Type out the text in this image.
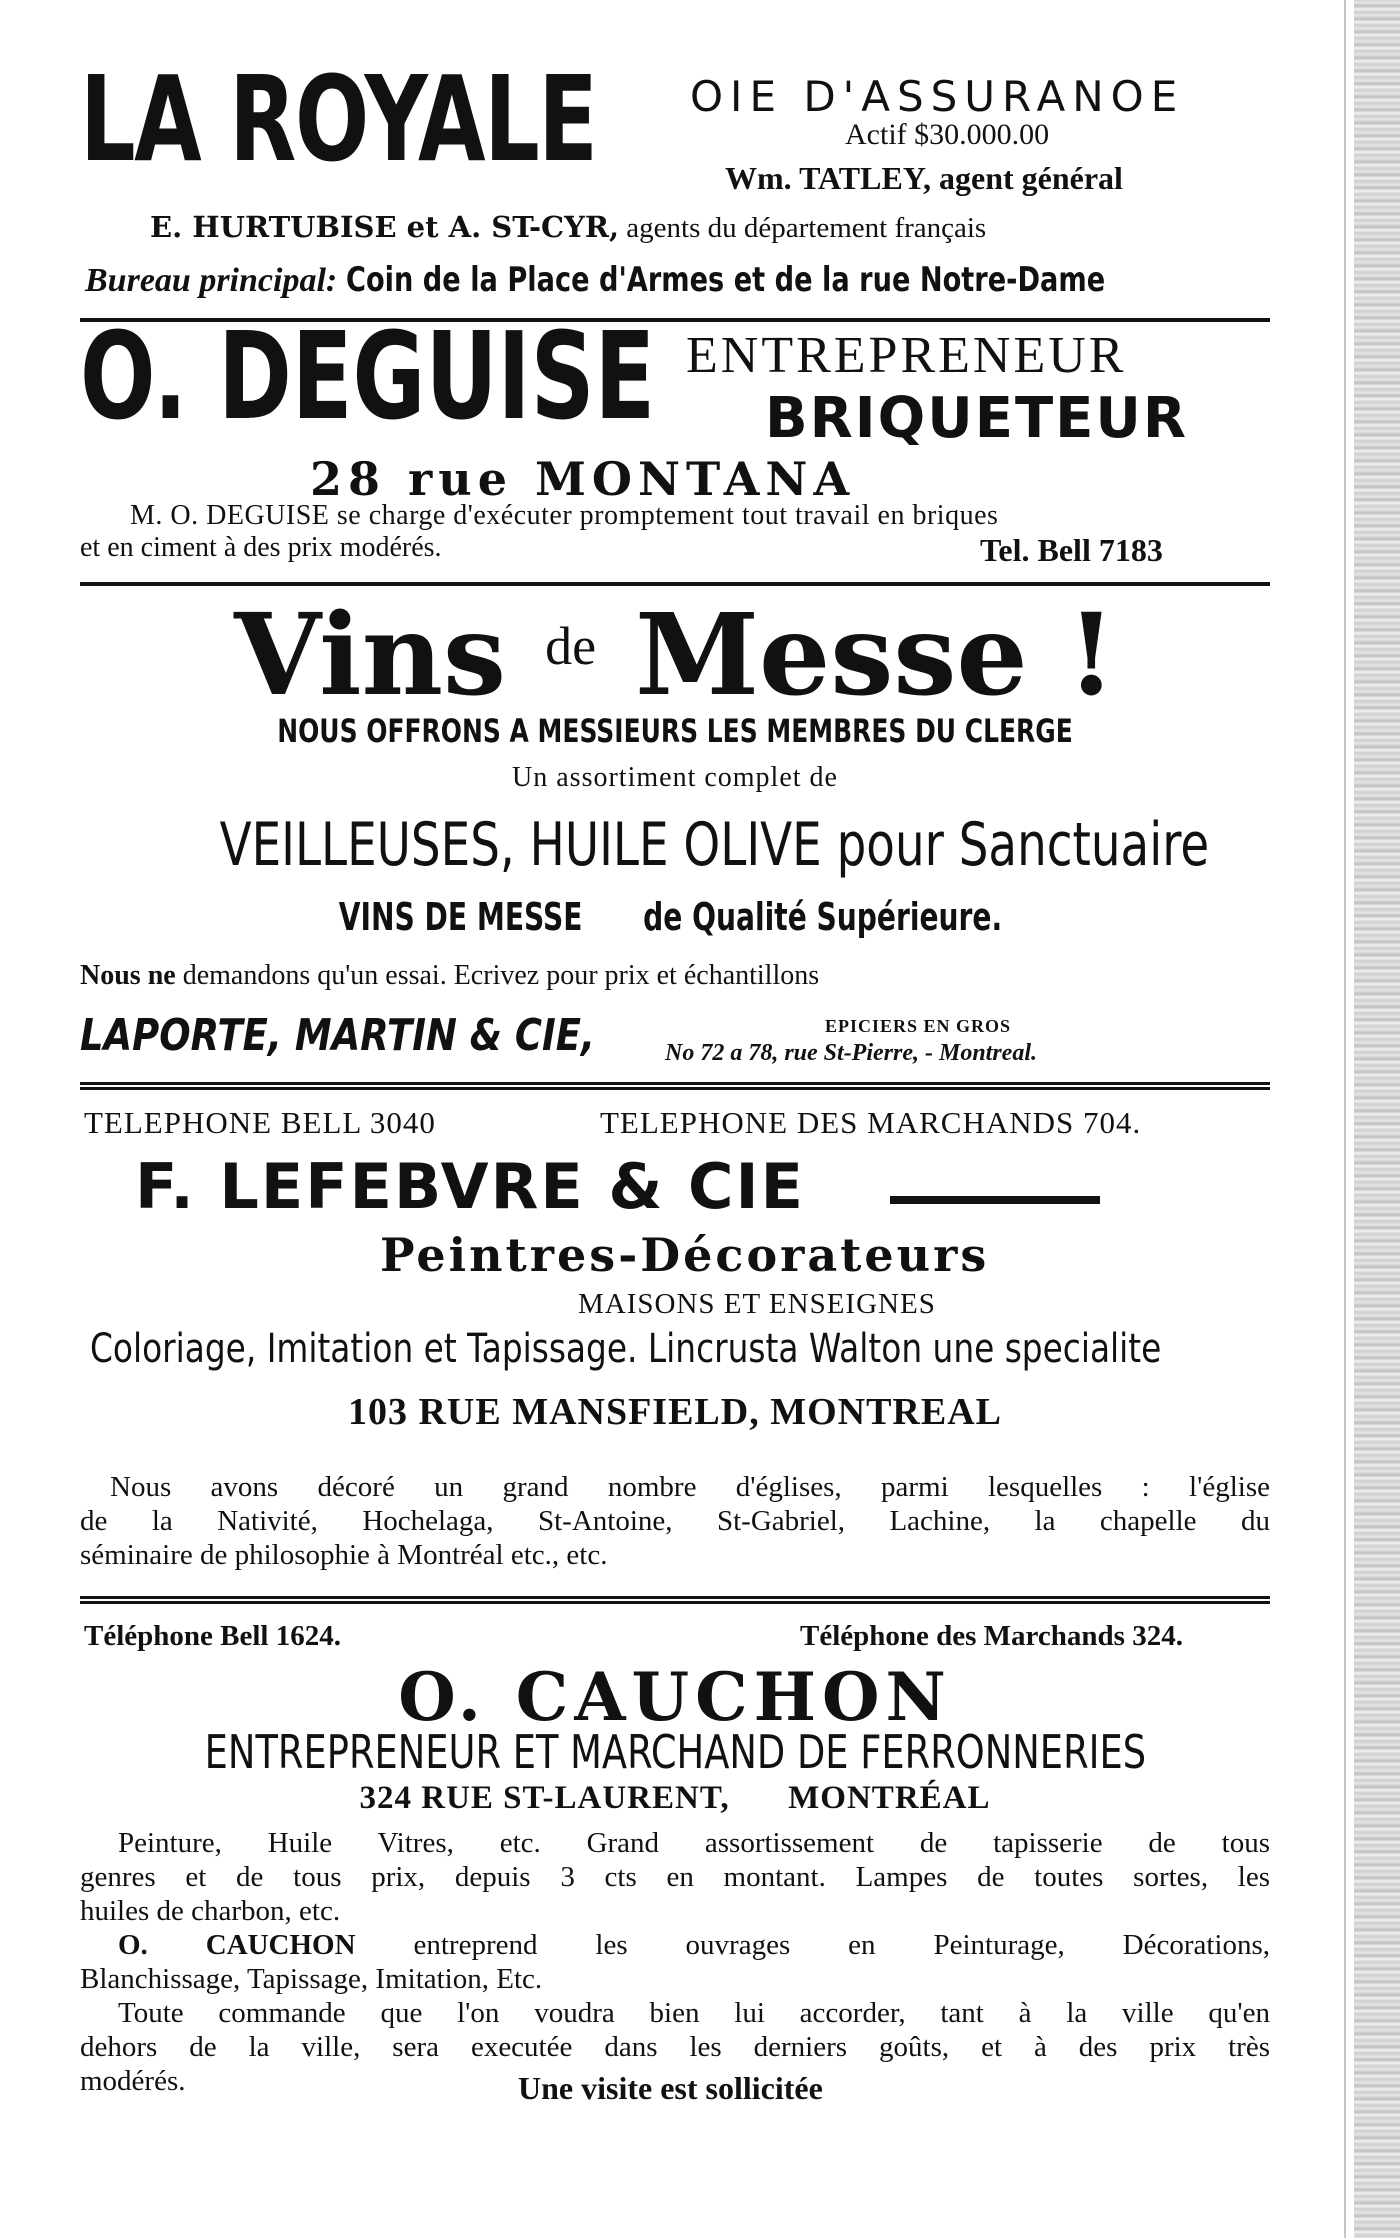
LA ROYALE OIE D'ASSURANOE
Actif $30.000.00
Wm. TATLEY, agent général
E. HURTUBISE et A. ST-CYR, agents du département français
Bureau principal: Coin de la Place d'Armes et de la rue Notre-Dame
O. DEGUISE ENTREPRENEUR
BRIQUETEUR
28 rue MONTANA
M. O. DEGUISE se charge d'exécuter promptement tout travail en briques
et en ciment à des prix modérés.	Tel. Bell 7183
Vins $^{de}$ Messe !
NOUS OFFRONS A MESSIEURS LES MEMBRES DU CLERGE
Un assortiment complet de
VEILLEUSES, HUILE OLIVE pour Sanctuaire
VINS DE MESSE de Qualité Supérieure.
Nous ne demandons qu'un essai. Ecrivez pour prix et échantillons
LAPORTE, MARTIN & CIE,	EPICIERS EN GROS
No 72 a 78, rue St-Pierre, - Montreal.
TELEPHONE BELL 3040	TELEPHONE DES MARCHANDS 704.
F. LEFEBVRE & CIE
Peintres-Décorateurs
MAISONS ET ENSEIGNES
Coloriage, Imitation et Tapissage. Lincrusta Walton une specialite
103 RUE MANSFIELD, MONTREAL
Nous avons décoré un grand nombre d'églises, parmi lesquelles : l'église
de la Nativité, Hochelaga, St-Antoine, St-Gabriel, Lachine, la chapelle du
séminaire de philosophie à Montréal etc., etc.
Téléphone Bell 1624.	Téléphone des Marchands 324.
O. CAUCHON
ENTREPRENEUR ET MARCHAND DE FERRONNERIES
324 RUE ST-LAURENT, MONTRÉAL
Peinture, Huile Vitres, etc. Grand assortissement de tapisserie de tous
genres et de tous prix, depuis 3 cts en montant. Lampes de toutes sortes, les
huiles de charbon, etc.
O. CAUCHON entreprend les ouvrages en Peinturage, Décorations,
Blanchissage, Tapissage, Imitation, Etc.
Toute commande que l'on voudra bien lui accorder, tant à la ville qu'en
dehors de la ville, sera executée dans les derniers goûts, et à des prix très
modérés.	Une visite est sollicitée
